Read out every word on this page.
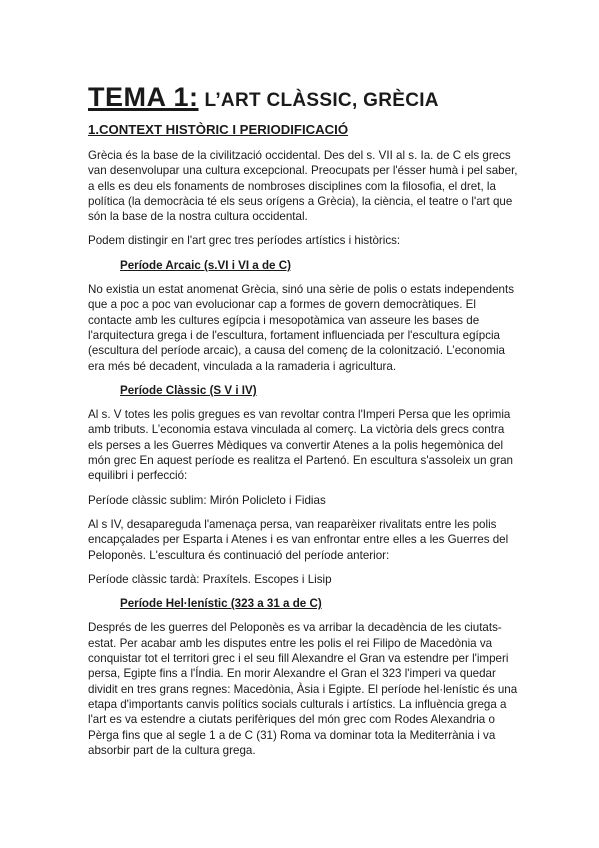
TEMA 1: L’ART CLÀSSIC, GRÈCIA
1.CONTEXT HISTÒRIC I PERIODIFICACIÓ

Grècia és la base de la civilització occidental. Des del s. VII al s. Ia. de C els grecs van desenvolupar una cultura excepcional. Preocupats per l'ésser humà i pel saber, a ells es deu els fonaments de nombroses disciplines com la filosofia, el dret, la política (la democràcia té els seus orígens a Grècia), la ciència, el teatre o l'art que són la base de la nostra cultura occidental.

Podem distingir en l'art grec tres períodes artístics i històrics:

Període Arcaic (s.VI i VI a de C)

No existia un estat anomenat Grècia, sinó una sèrie de polis o estats independents que a poc a poc van evolucionar cap a formes de govern democràtiques. El contacte amb les cultures egípcia i mesopotàmica van asseure les bases de l'arquitectura grega i de l'escultura, fortament influenciada per l'escultura egípcia (escultura del període arcaic), a causa del començ de la colonització. L’economia era més bé decadent, vinculada a la ramaderia i agricultura.

Període Clàssic (S V i IV)

Al s. V totes les polis gregues es van revoltar contra l'Imperi Persa que les oprimia amb tributs. L’economia estava vinculada al comerç. La victòria dels grecs contra els perses a les Guerres Mèdiques va convertir Atenes a la polis hegemònica del món grec En aquest període es realitza el Partenó. En escultura s'assoleix un gran equilibri i perfecció:

Període clàssic sublim: Mirón Policleto i Fidias

Al s IV, desapareguda l'amenaça persa, van reaparèixer rivalitats entre les polis encapçalades per Esparta i Atenes i es van enfrontar entre elles a les Guerres del Peloponès. L'escultura és continuació del període anterior:

Període clàssic tardà: Praxítels. Escopes i Lisip

Període Hel·lenístic (323 a 31 a de C)

Després de les guerres del Peloponès es va arribar la decadència de les ciutats-estat. Per acabar amb les disputes entre les polis el rei Filipo de Macedònia va conquistar tot el territori grec i el seu fill Alexandre el Gran va estendre per l'imperi persa, Egipte fins a l'Índia. En morir Alexandre el Gran el 323 l'imperi va quedar dividit en tres grans regnes: Macedònia, Àsia i Egipte. El període hel·lenístic és una etapa d'importants canvis polítics socials culturals i artístics. La influència grega a l'art es va estendre a ciutats perifèriques del món grec com Rodes Alexandria o Pèrga fins que al segle 1 a de C (31) Roma va dominar tota la Mediterrània i va absorbir part de la cultura grega.
